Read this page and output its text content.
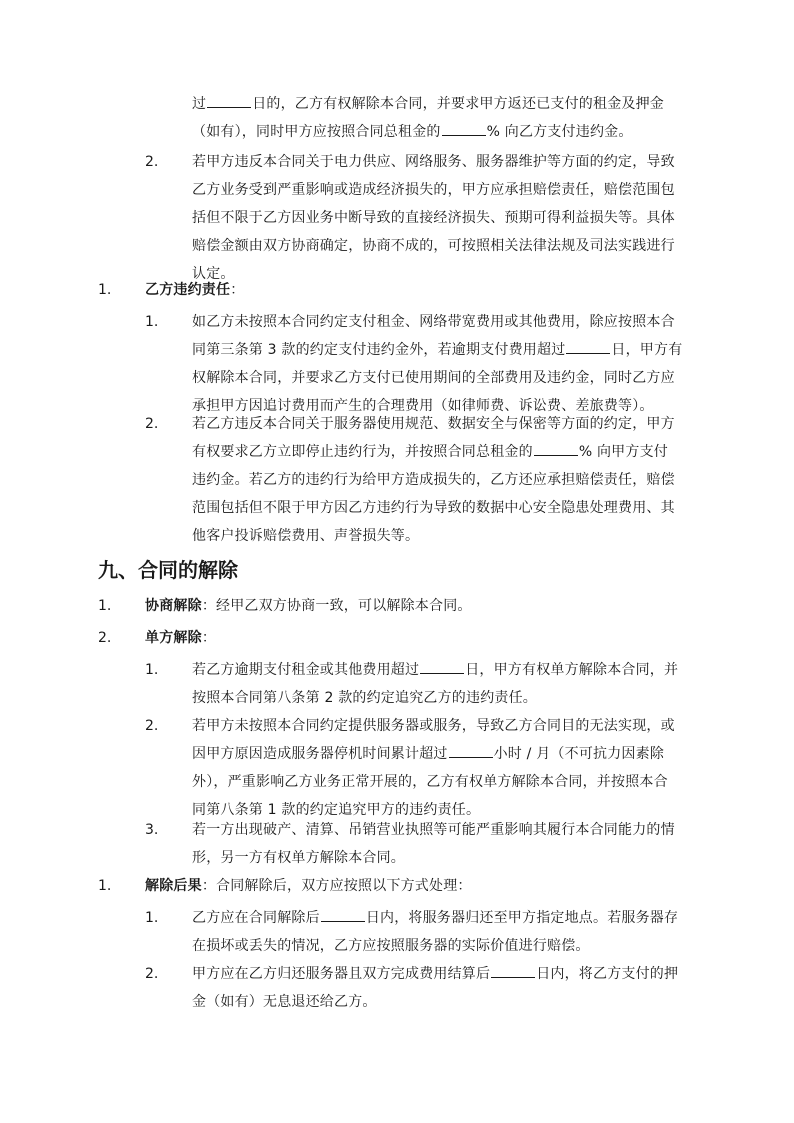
过	日的，乙方有权解除本合同，并要求甲方返还已支付的租金及押金
（如有），同时甲方应按照合同总租金的	% 向乙方支付违约金。
2. 若甲方违反本合同关于电力供应、网络服务、服务器维护等方面的约定，导致
乙方业务受到严重影响或造成经济损失的，甲方应承担赔偿责任，赔偿范围包
括但不限于乙方因业务中断导致的直接经济损失、预期可得利益损失等。具体
赔偿金额由双方协商确定，协商不成的，可按照相关法律法规及司法实践进行
认定。
1. 乙方违约责任：
1. 如乙方未按照本合同约定支付租金、网络带宽费用或其他费用，除应按照本合
同第三条第 3 款的约定支付违约金外，若逾期支付费用超过	日，甲方有
权解除本合同，并要求乙方支付已使用期间的全部费用及违约金，同时乙方应
承担甲方因追讨费用而产生的合理费用（如律师费、诉讼费、差旅费等）。
2. 若乙方违反本合同关于服务器使用规范、数据安全与保密等方面的约定，甲方
有权要求乙方立即停止违约行为，并按照合同总租金的	% 向甲方支付
违约金。若乙方的违约行为给甲方造成损失的，乙方还应承担赔偿责任，赔偿
范围包括但不限于甲方因乙方违约行为导致的数据中心安全隐患处理费用、其
他客户投诉赔偿费用、声誉损失等。
九、合同的解除
1. 协商解除：经甲乙双方协商一致，可以解除本合同。
2. 单方解除：
1. 若乙方逾期支付租金或其他费用超过	日，甲方有权单方解除本合同，并
按照本合同第八条第 2 款的约定追究乙方的违约责任。
2. 若甲方未按照本合同约定提供服务器或服务，导致乙方合同目的无法实现，或
因甲方原因造成服务器停机时间累计超过	小时 / 月（不可抗力因素除
外），严重影响乙方业务正常开展的，乙方有权单方解除本合同，并按照本合
同第八条第 1 款的约定追究甲方的违约责任。
3. 若一方出现破产、清算、吊销营业执照等可能严重影响其履行本合同能力的情
形，另一方有权单方解除本合同。
1. 解除后果：合同解除后，双方应按照以下方式处理：
1. 乙方应在合同解除后	日内，将服务器归还至甲方指定地点。若服务器存
在损坏或丢失的情况，乙方应按照服务器的实际价值进行赔偿。
2. 甲方应在乙方归还服务器且双方完成费用结算后	日内，将乙方支付的押
金（如有）无息退还给乙方。
